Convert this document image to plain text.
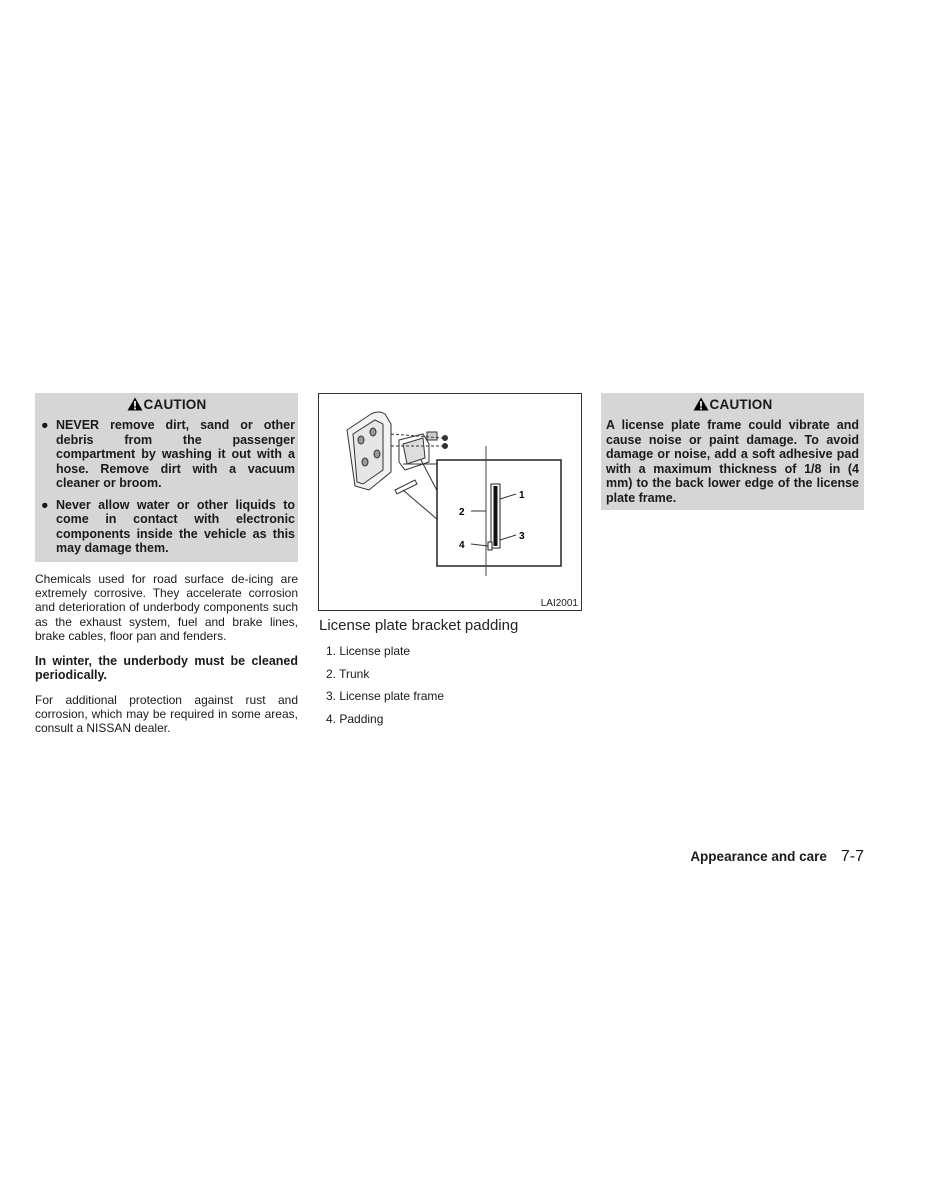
CAUTION
● NEVER remove dirt, sand or other debris from the passenger compartment by washing it out with a hose. Remove dirt with a vacuum cleaner or broom.
● Never allow water or other liquids to come in contact with electronic components inside the vehicle as this may damage them.

Chemicals used for road surface de-icing are extremely corrosive. They accelerate corrosion and deterioration of underbody components such as the exhaust system, fuel and brake lines, brake cables, floor pan and fenders.

In winter, the underbody must be cleaned periodically.

For additional protection against rust and corrosion, which may be required in some areas, consult a NISSAN dealer.

1
2
3
4
LAI2001
License plate bracket padding
1. License plate
2. Trunk
3. License plate frame
4. Padding
CAUTION
A license plate frame could vibrate and cause noise or paint damage. To avoid damage or noise, add a soft adhesive pad with a maximum thickness of 1/8 in (4 mm) to the back lower edge of the license plate frame.
Appearance and care 7-7
